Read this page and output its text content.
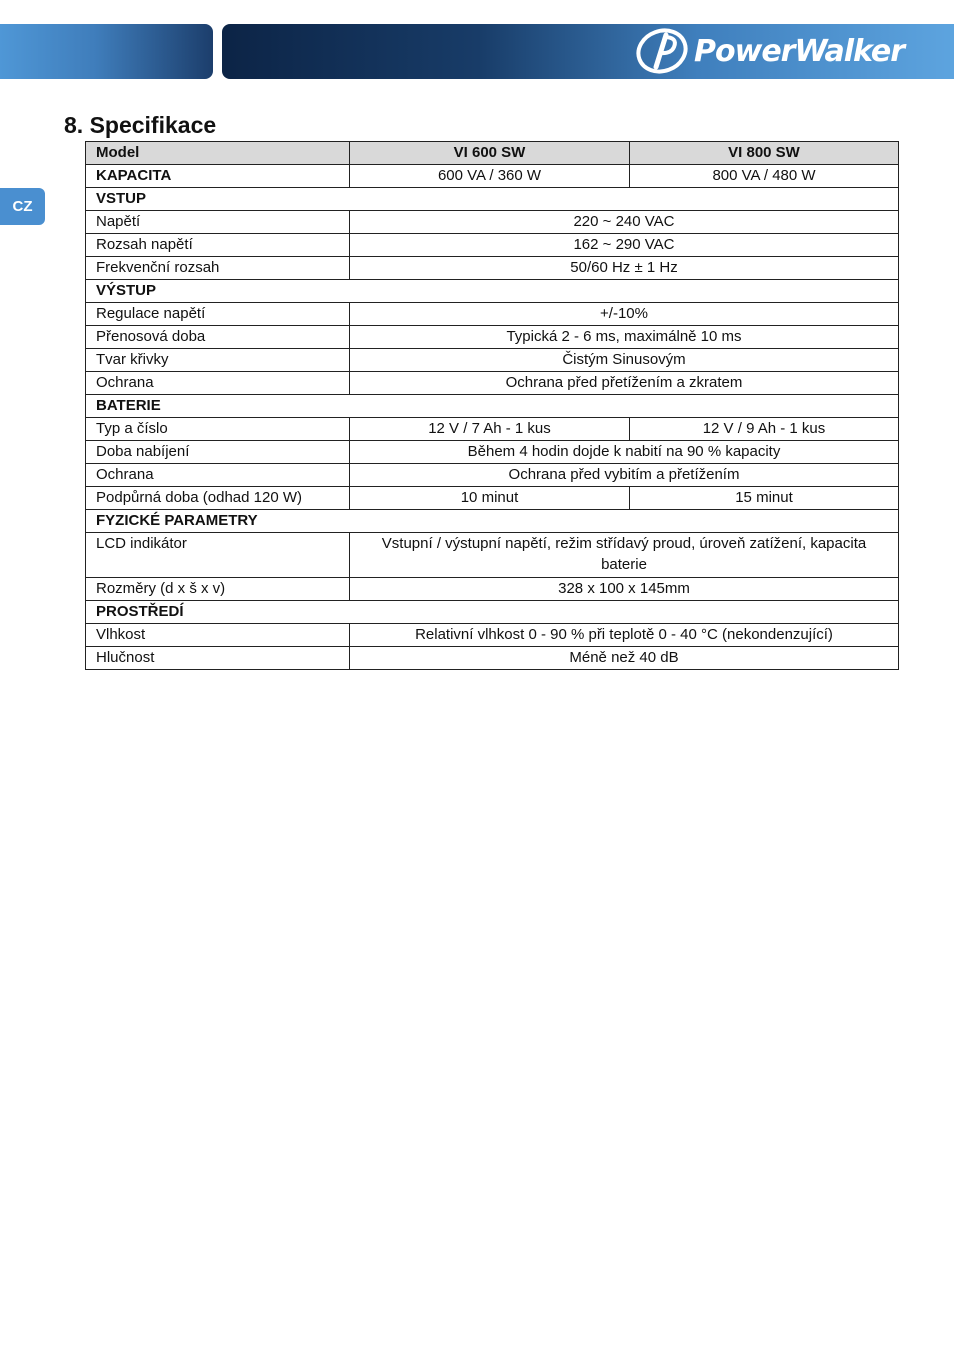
PowerWalker
CZ
8. Specifikace
Model	VI 600 SW	VI 800 SW
KAPACITA	600 VA / 360 W	800 VA / 480 W
VSTUP		
Napětí	220 ~ 240 VAC	
Rozsah napětí	162 ~ 290 VAC	
Frekvenční rozsah	50/60 Hz ± 1 Hz	
VÝSTUP		
Regulace napětí	+/-10%	
Přenosová doba	Typická 2 - 6 ms, maximálně 10 ms	
Tvar křivky	Čistým Sinusovým	
Ochrana	Ochrana před přetížením a zkratem	
BATERIE		
Typ a číslo	12 V / 7 Ah - 1 kus	12 V / 9 Ah - 1 kus
Doba nabíjení	Během 4 hodin dojde k nabití na 90 % kapacity	
Ochrana	Ochrana před vybitím a přetížením	
Podpůrná doba (odhad 120 W)	10 minut	15 minut
FYZICKÉ PARAMETRY		
LCD indikátor	Vstupní / výstupní napětí, režim střídavý proud, úroveň zatížení, kapacita baterie	
Rozměry (d x š x v)	328 x 100 x 145mm	
PROSTŘEDÍ		
Vlhkost	Relativní vlhkost 0 - 90 % při teplotě 0 - 40 °C (nekondenzující)	
Hlučnost	Méně než 40 dB	
